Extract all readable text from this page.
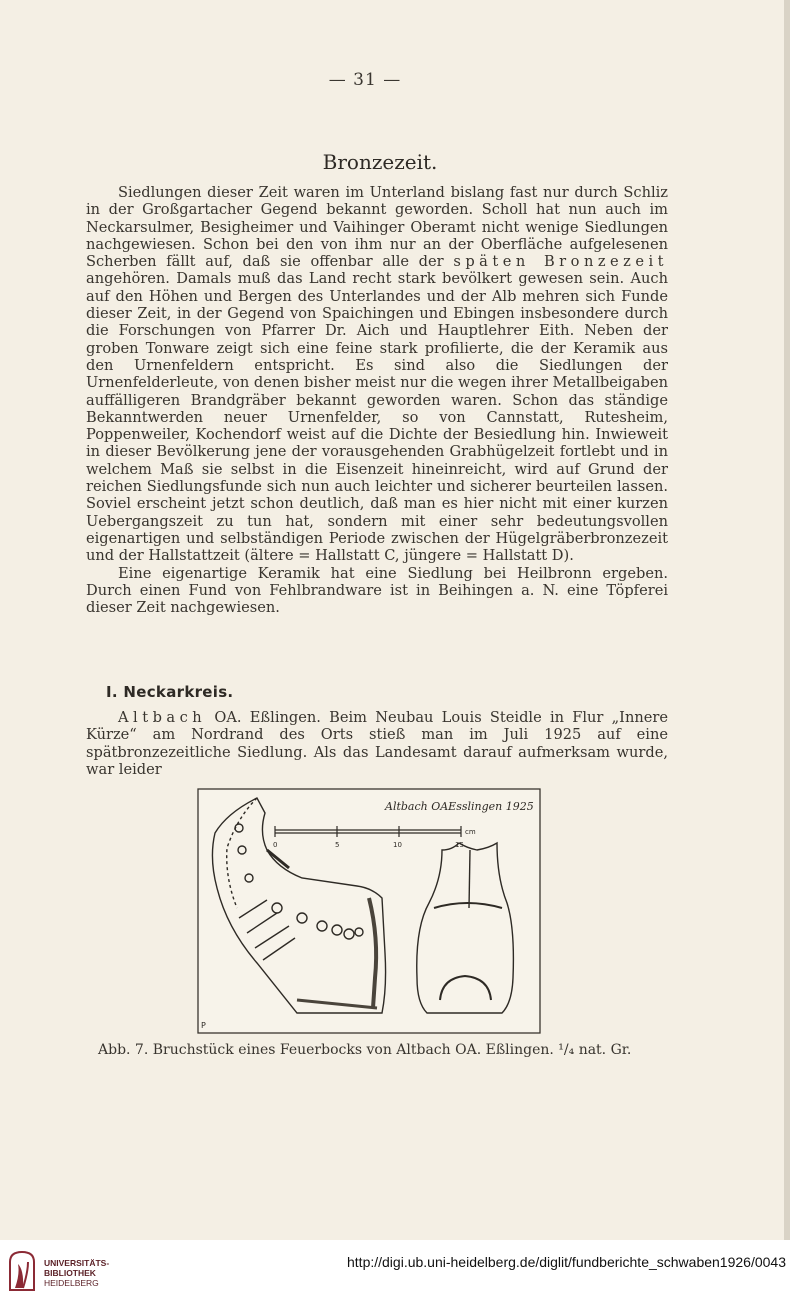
— 31 —
Bronzezeit.

Siedlungen dieser Zeit waren im Unterland bislang fast nur durch Schliz in der Großgartacher Gegend bekannt geworden. Scholl hat nun auch im Neckarsulmer, Besigheimer und Vaihinger Oberamt nicht wenige Siedlungen nachgewiesen. Schon bei den von ihm nur an der Oberfläche aufgelesenen Scherben fällt auf, daß sie offenbar alle der späten Bronzezeit angehören. Damals muß das Land recht stark bevölkert gewesen sein. Auch auf den Höhen und Bergen des Unterlandes und der Alb mehren sich Funde dieser Zeit, in der Gegend von Spaichingen und Ebingen insbesondere durch die Forschungen von Pfarrer Dr. Aich und Hauptlehrer Eith. Neben der groben Tonware zeigt sich eine feine stark profilierte, die der Keramik aus den Urnenfeldern entspricht. Es sind also die Siedlungen der Urnenfelderleute, von denen bisher meist nur die wegen ihrer Metallbeigaben auffälligeren Brandgräber bekannt geworden waren. Schon das ständige Bekanntwerden neuer Urnenfelder, so von Cannstatt, Rutesheim, Poppenweiler, Kochendorf weist auf die Dichte der Besiedlung hin. Inwieweit in dieser Bevölkerung jene der vorausgehenden Grabhügelzeit fortlebt und in welchem Maß sie selbst in die Eisenzeit hineinreicht, wird auf Grund der reichen Siedlungsfunde sich nun auch leichter und sicherer beurteilen lassen. Soviel erscheint jetzt schon deutlich, daß man es hier nicht mit einer kurzen Uebergangszeit zu tun hat, sondern mit einer sehr bedeutungsvollen eigenartigen und selbständigen Periode zwischen der Hügelgräberbronzezeit und der Hallstattzeit (ältere = Hallstatt C, jüngere = Hallstatt D).

Eine eigenartige Keramik hat eine Siedlung bei Heilbronn ergeben. Durch einen Fund von Fehlbrandware ist in Beihingen a. N. eine Töpferei dieser Zeit nachgewiesen.

I. Neckarkreis.

Altbach OA. Eßlingen. Beim Neubau Louis Steidle in Flur „Innere Kürze“ am Nordrand des Orts stieß man im Juli 1925 auf eine spätbronzezeitliche Siedlung. Als das Landesamt darauf aufmerksam wurde, war leider

Altbach OAEsslingen 1925
0	5	10	15
cm
P
Abb. 7. Bruchstück eines Feuerbocks von Altbach OA. Eßlingen. ¹/₄ nat. Gr.
UNIVERSITÄTS-
BIBLIOTHEK
HEIDELBERG
http://digi.ub.uni-heidelberg.de/diglit/fundberichte_schwaben1926/0043
